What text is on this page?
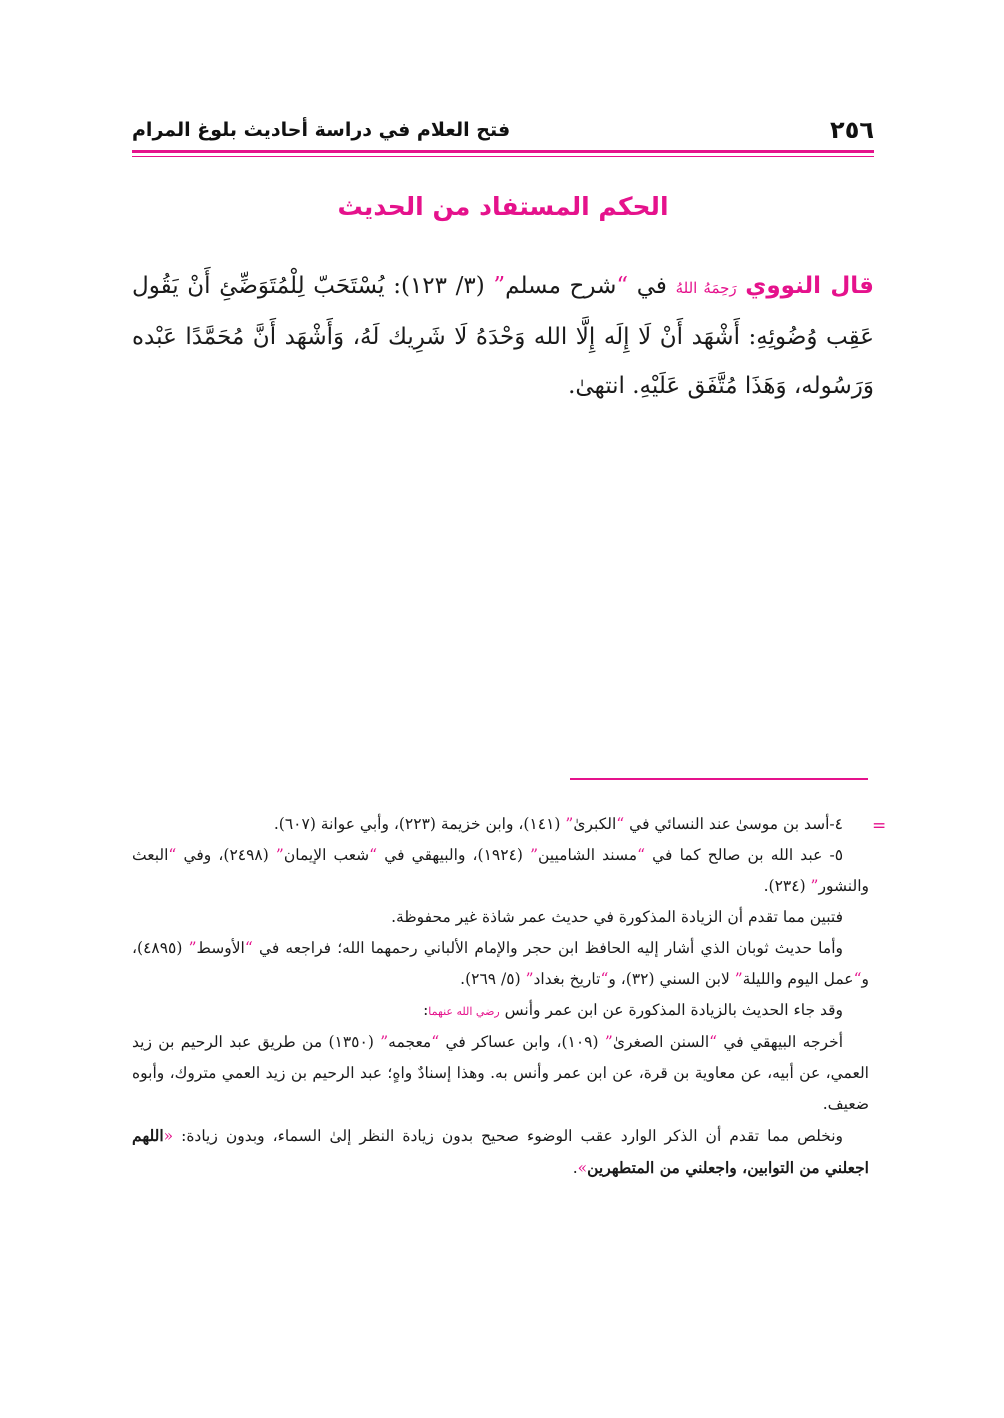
٢٥٦
فتح العلام في دراسة أحاديث بلوغ المرام
الحكم المستفاد من الحديث
قال النووي رَحِمَهُ اللهُ في “شرح مسلم” (٣/ ١٢٣): يُسْتَحَبّ لِلْمُتَوَضِّئِ أَنْ يَقُول عَقِب وُضُوئِهِ: أَشْهَد أَنْ لَا إِلَه إِلَّا الله وَحْدَهُ لَا شَرِيك لَهُ، وَأَشْهَد أَنَّ مُحَمَّدًا عَبْده وَرَسُوله، وَهَذَا مُتَّفَق عَلَيْهِ. انتهىٰ.
=

٤-أسد بن موسىٰ عند النسائي في “الكبرىٰ” (١٤١)، وابن خزيمة (٢٢٣)، وأبي عوانة (٦٠٧).

٥- عبد الله بن صالح كما في “مسند الشاميين” (١٩٢٤)، والبيهقي في “شعب الإيمان” (٢٤٩٨)، وفي “البعث والنشور” (٢٣٤).

فتبين مما تقدم أن الزيادة المذكورة في حديث عمر شاذة غير محفوظة.

وأما حديث ثوبان الذي أشار إليه الحافظ ابن حجر والإمام الألباني رحمهما الله؛ فراجعه في “الأوسط” (٤٨٩٥)، و“عمل اليوم والليلة” لابن السني (٣٢)، و“تاريخ بغداد” (٥/ ٢٦٩).

وقد جاء الحديث بالزيادة المذكورة عن ابن عمر وأنس رضي الله عنهما:

أخرجه البيهقي في “السنن الصغرىٰ” (١٠٩)، وابن عساكر في “معجمه” (١٣٥٠) من طريق عبد الرحيم بن زيد العمي، عن أبيه، عن معاوية بن قرة، عن ابن عمر وأنس به. وهذا إسنادٌ واهٍ؛ عبد الرحيم بن زيد العمي متروك، وأبوه ضعيف.

ونخلص مما تقدم أن الذكر الوارد عقب الوضوء صحيح بدون زيادة النظر إلىٰ السماء، وبدون زيادة: «اللهم اجعلني من التوابين، واجعلني من المتطهرين».
